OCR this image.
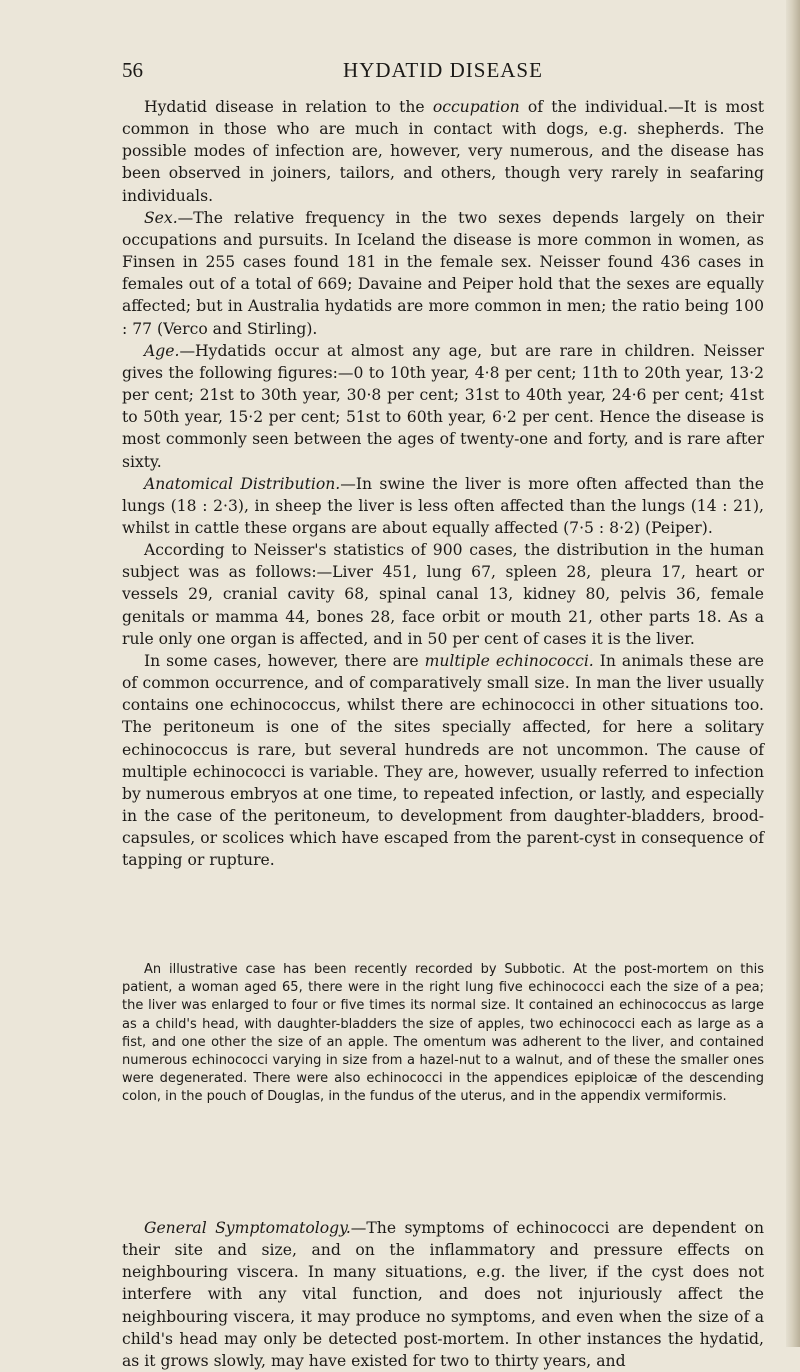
56	HYDATID DISEASE

Hydatid disease in relation to the occupation of the individual.—It is most common in those who are much in contact with dogs, e.g. shepherds. The possible modes of infection are, however, very numerous, and the disease has been observed in joiners, tailors, and others, though very rarely in seafaring individuals.

Sex.—The relative frequency in the two sexes depends largely on their occupations and pursuits. In Iceland the disease is more common in women, as Finsen in 255 cases found 181 in the female sex. Neisser found 436 cases in females out of a total of 669; Davaine and Peiper hold that the sexes are equally affected; but in Australia hydatids are more common in men; the ratio being 100 : 77 (Verco and Stirling).

Age.—Hydatids occur at almost any age, but are rare in children. Neisser gives the following figures:—0 to 10th year, 4·8 per cent; 11th to 20th year, 13·2 per cent; 21st to 30th year, 30·8 per cent; 31st to 40th year, 24·6 per cent; 41st to 50th year, 15·2 per cent; 51st to 60th year, 6·2 per cent. Hence the disease is most commonly seen between the ages of twenty-one and forty, and is rare after sixty.

Anatomical Distribution.—In swine the liver is more often affected than the lungs (18 : 2·3), in sheep the liver is less often affected than the lungs (14 : 21), whilst in cattle these organs are about equally affected (7·5 : 8·2) (Peiper).

According to Neisser's statistics of 900 cases, the distribution in the human subject was as follows:—Liver 451, lung 67, spleen 28, pleura 17, heart or vessels 29, cranial cavity 68, spinal canal 13, kidney 80, pelvis 36, female genitals or mamma 44, bones 28, face orbit or mouth 21, other parts 18. As a rule only one organ is affected, and in 50 per cent of cases it is the liver.

In some cases, however, there are multiple echinococci. In animals these are of common occurrence, and of comparatively small size. In man the liver usually contains one echinococcus, whilst there are echinococci in other situations too. The peritoneum is one of the sites specially affected, for here a solitary echinococcus is rare, but several hundreds are not uncommon. The cause of multiple echinococci is variable. They are, however, usually referred to infection by numerous embryos at one time, to repeated infection, or lastly, and especially in the case of the peritoneum, to development from daughter-bladders, brood-capsules, or scolices which have escaped from the parent-cyst in consequence of tapping or rupture.

An illustrative case has been recently recorded by Subbotic. At the post-mortem on this patient, a woman aged 65, there were in the right lung five echinococci each the size of a pea; the liver was enlarged to four or five times its normal size. It contained an echinococcus as large as a child's head, with daughter-bladders the size of apples, two echinococci each as large as a fist, and one other the size of an apple. The omentum was adherent to the liver, and contained numerous echinococci varying in size from a hazel-nut to a walnut, and of these the smaller ones were degenerated. There were also echinococci in the appendices epiploicæ of the descending colon, in the pouch of Douglas, in the fundus of the uterus, and in the appendix vermiformis.

General Symptomatology.—The symptoms of echinococci are dependent on their site and size, and on the inflammatory and pressure effects on neighbouring viscera. In many situations, e.g. the liver, if the cyst does not interfere with any vital function, and does not injuriously affect the neighbouring viscera, it may produce no symptoms, and even when the size of a child's head may only be detected post-mortem. In other instances the hydatid, as it grows slowly, may have existed for two to thirty years, and
